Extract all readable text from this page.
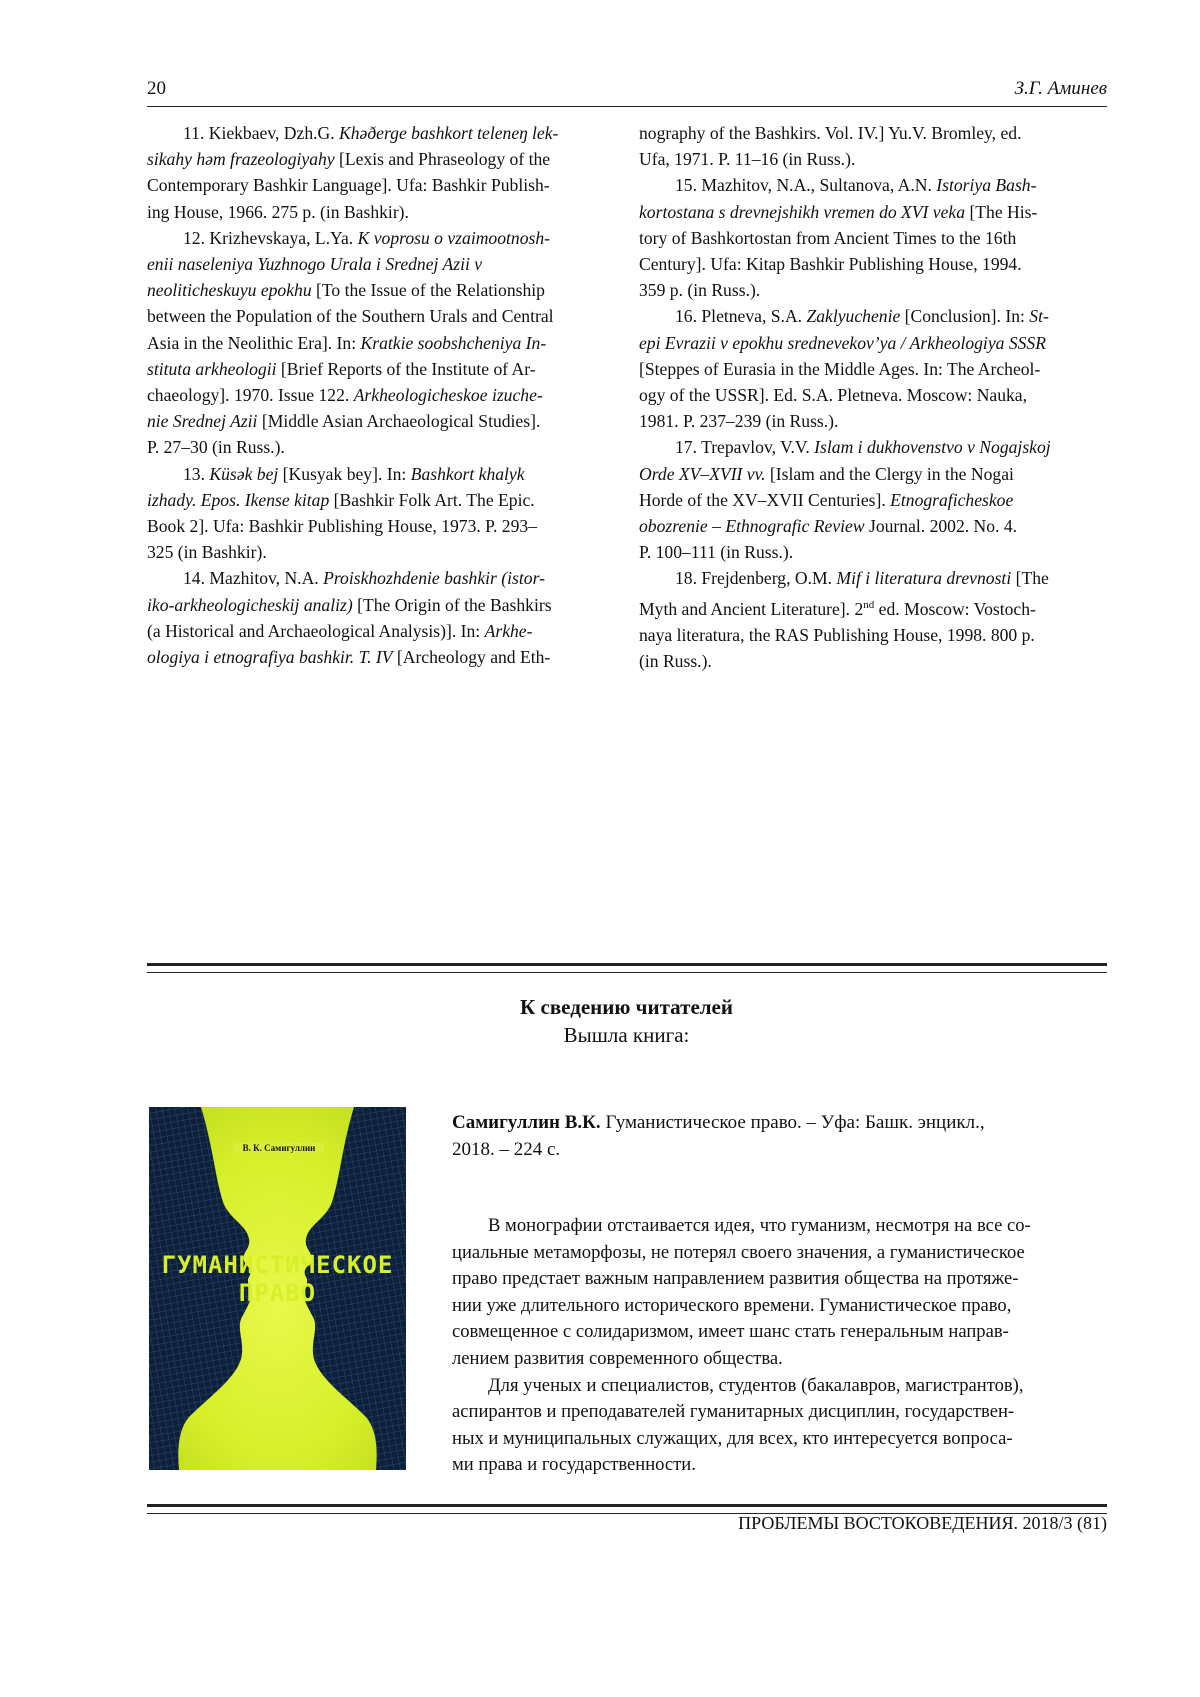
20	З.Г. Аминев

11. Kiekbaev, Dzh.G. Khәðerge bashkort teleneŋ lek-
sikahy hәm frazeologiyahy [Lexis and Phraseology of the
Contemporary Bashkir Language]. Ufa: Bashkir Publish-
ing House, 1966. 275 p. (in Bashkir).

12. Krizhevskaya, L.Ya. K voprosu o vzaimootnosh-
enii naseleniya Yuzhnogo Urala i Srednej Azii v
neoliticheskuyu epokhu [To the Issue of the Relationship
between the Population of the Southern Urals and Central
Asia in the Neolithic Era]. In: Kratkie soobshcheniya In-
stituta arkheologii [Brief Reports of the Institute of Ar-
chaeology]. 1970. Issue 122. Arkheologicheskoe izuche-
nie Srednej Azii [Middle Asian Archaeological Studies].
P. 27–30 (in Russ.).

13. Küsәk bej [Kusyak bey]. In: Bashkort khalyk
izhady. Epos. Ikense kitap [Bashkir Folk Art. The Epic.
Book 2]. Ufa: Bashkir Publishing House, 1973. P. 293–
325 (in Bashkir).

14. Mazhitov, N.A. Proiskhozhdenie bashkir (istor-
iko-arkheologicheskij analiz) [The Origin of the Bashkirs
(a Historical and Archaeological Analysis)]. In: Arkhe-
ologiya i etnografiya bashkir. T. IV [Archeology and Eth-

nography of the Bashkirs. Vol. IV.] Yu.V. Bromley, ed.
Ufa, 1971. P. 11–16 (in Russ.).

15. Mazhitov, N.A., Sultanova, A.N. Istoriya Bash-
kortostana s drevnejshikh vremen do XVI veka [The His-
tory of Bashkortostan from Ancient Times to the 16th
Century]. Ufa: Kitap Bashkir Publishing House, 1994.
359 p. (in Russ.).

16. Pletneva, S.A. Zaklyuchenie [Conclusion]. In: St-
epi Evrazii v epokhu srednevekov’ya / Arkheologiya SSSR
[Steppes of Eurasia in the Middle Ages. In: The Archeol-
ogy of the USSR]. Ed. S.A. Pletneva. Moscow: Nauka,
1981. P. 237–239 (in Russ.).

17. Trepavlov, V.V. Islam i dukhovenstvo v Nogajskoj
Orde XV–XVII vv. [Islam and the Clergy in the Nogai
Horde of the XV–XVII Centuries]. Etnograficheskoe
obozrenie – Ethnografic Review Journal. 2002. No. 4.
P. 100–111 (in Russ.).

18. Frejdenberg, O.M. Mif i literatura drevnosti [The
Myth and Ancient Literature]. 2nd ed. Moscow: Vostoch-
naya literatura, the RAS Publishing House, 1998. 800 p.
(in Russ.).

К сведению читателей
Вышла книга:
В. К. Самигуллин
ГУМАНИСТИЧЕСКОЕ
ПРАВО
Самигуллин В.К. Гуманистическое право. – Уфа: Башк. энцикл.,
2018. – 224 с.

В монографии отстаивается идея, что гуманизм, несмотря на все со-
циальные метаморфозы, не потерял своего значения, а гуманистическое
право предстает важным направлением развития общества на протяже-
нии уже длительного исторического времени. Гуманистическое право,
совмещенное с солидаризмом, имеет шанс стать генеральным направ-
лением развития современного общества.

Для ученых и специалистов, студентов (бакалавров, магистрантов),
аспирантов и преподавателей гуманитарных дисциплин, государствен-
ных и муниципальных служащих, для всех, кто интересуется вопроса-
ми права и государственности.

ПРОБЛЕМЫ ВОСТОКОВЕДЕНИЯ. 2018/3 (81)
